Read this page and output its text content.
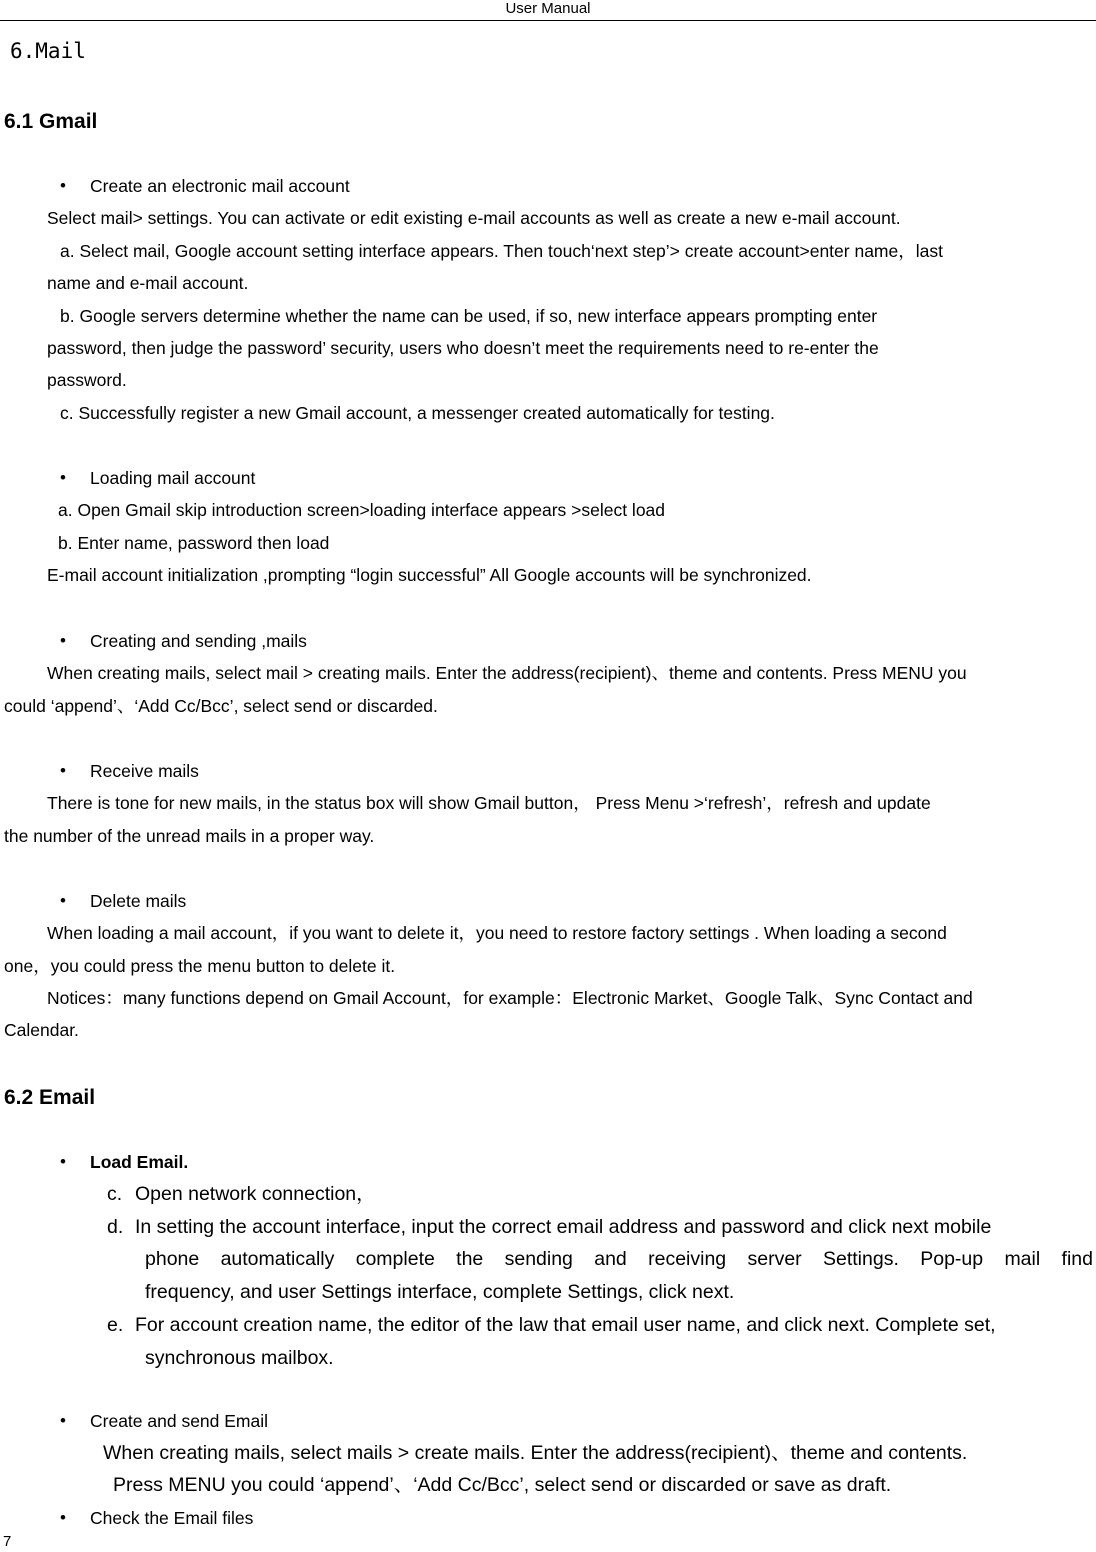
User Manual
6.Mail
6.1 Gmail
• Create an electronic mail account
Select mail> settings. You can activate or edit existing e-mail accounts as well as create a new e-mail account.
a. Select mail, Google account setting interface appears. Then touch‘next step’> create account>enter name，last
name and e-mail account.
b. Google servers determine whether the name can be used, if so, new interface appears prompting enter
password, then judge the password’ security, users who doesn’t meet the requirements need to re-enter the
password.
c. Successfully register a new Gmail account, a messenger created automatically for testing.
• Loading mail account
a. Open Gmail skip introduction screen>loading interface appears >select load
b. Enter name, password then load
E-mail account initialization ,prompting “login successful” All Google accounts will be synchronized.
• Creating and sending ,mails
When creating mails, select mail > creating mails. Enter the address(recipient)、theme and contents. Press MENU you
could ‘append’、‘Add Cc/Bcc’, select send or discarded.
• Receive mails
There is tone for new mails, in the status box will show Gmail button， Press Menu >‘refresh’，refresh and update
the number of the unread mails in a proper way.
• Delete mails
When loading a mail account，if you want to delete it，you need to restore factory settings . When loading a second
one，you could press the menu button to delete it.
Notices：many functions depend on Gmail Account，for example：Electronic Market、Google Talk、Sync Contact and
Calendar.
6.2 Email
• Load Email.
c. Open network connection，
d. In setting the account interface, input the correct email address and password and click next mobile
phone automatically complete the sending and receiving server Settings. Pop-up mail find
frequency, and user Settings interface, complete Settings, click next.
e. For account creation name, the editor of the law that email user name, and click next. Complete set,
synchronous mailbox.
• Create and send Email
When creating mails, select mails > create mails. Enter the address(recipient)、theme and contents.
Press MENU you could ‘append’、‘Add Cc/Bcc’, select send or discarded or save as draft.
• Check the Email files
7
